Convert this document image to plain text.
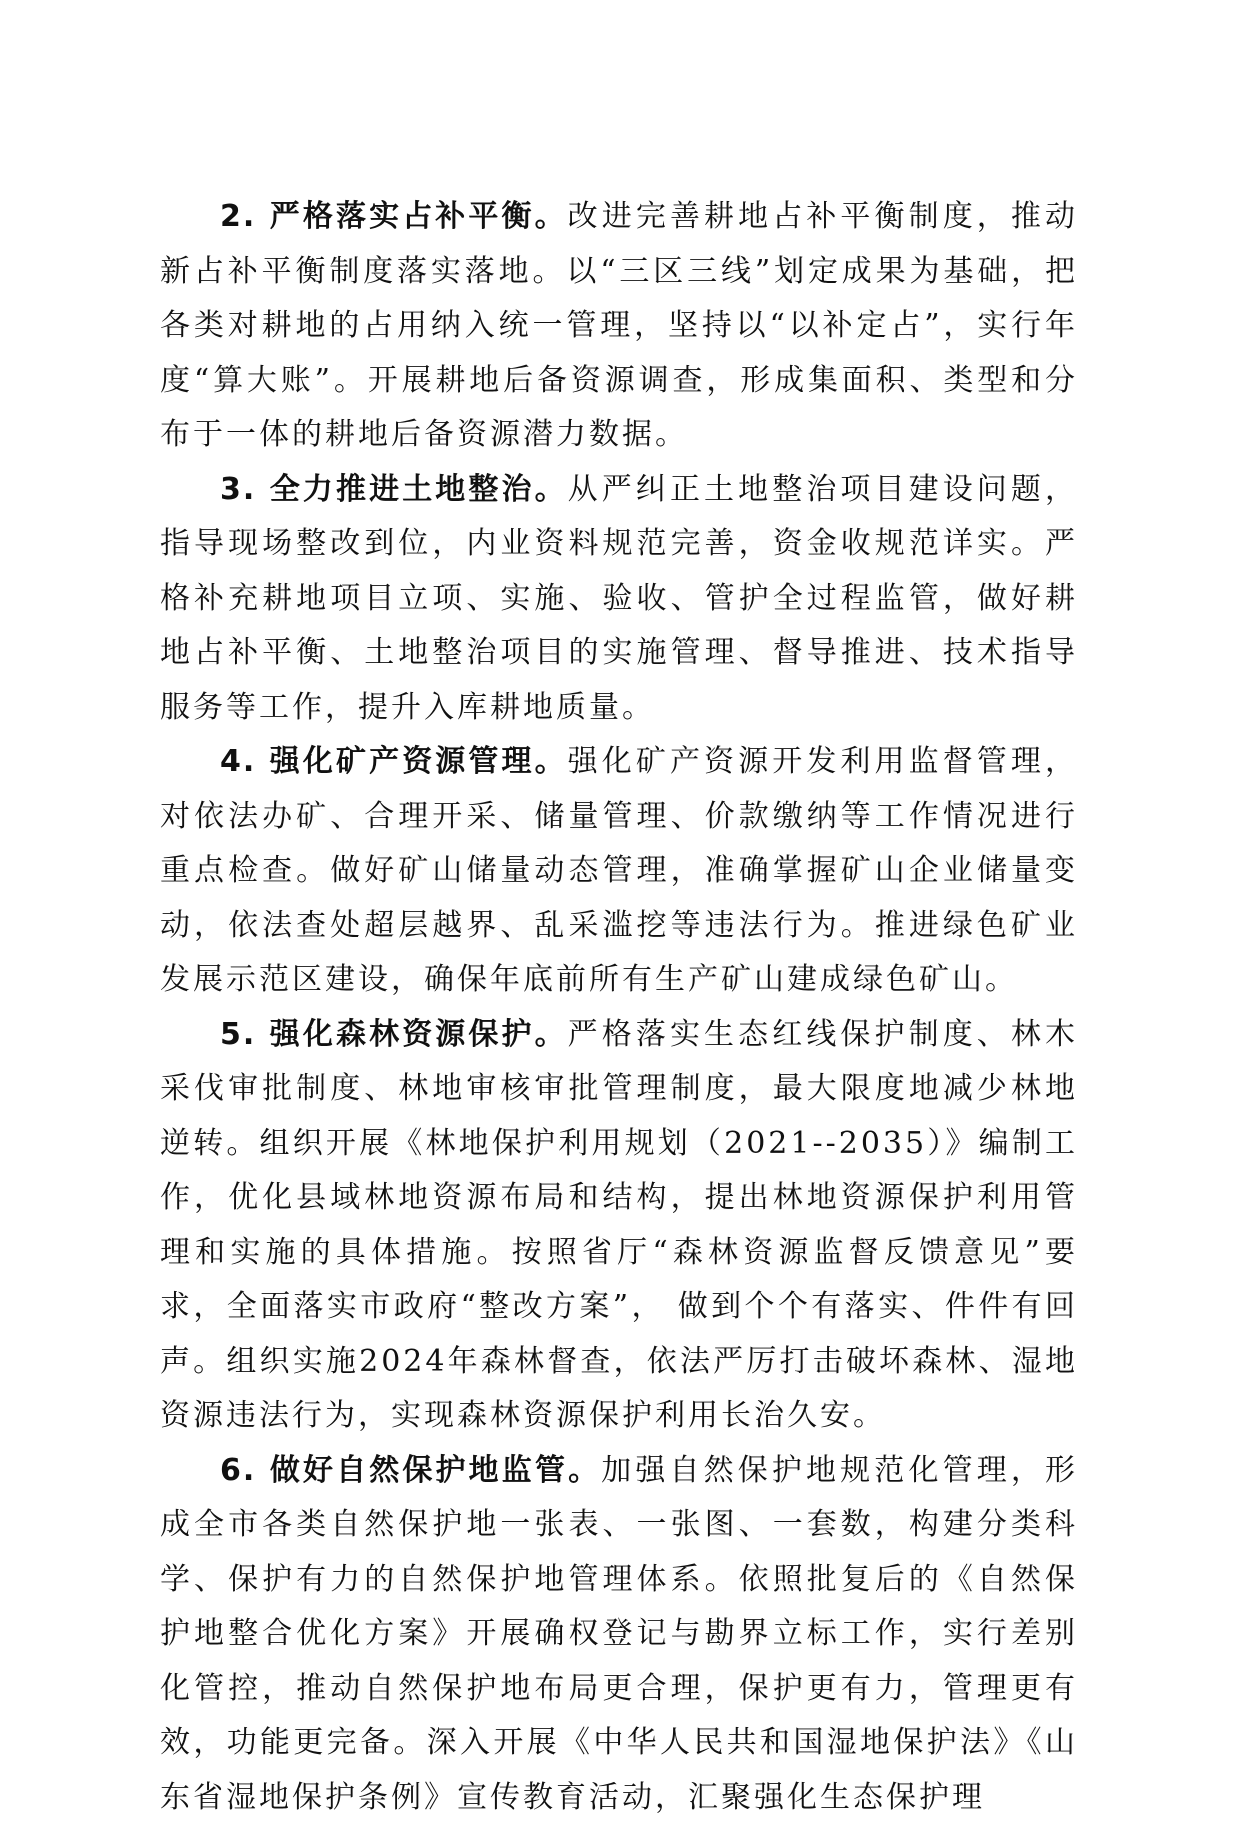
2. 严格落实占补平衡。改进完善耕地占补平衡制度，推动新占补平衡制度落实落地。以“三区三线”划定成果为基础，把各类对耕地的占用纳入统一管理，坚持以“以补定占”，实行年度“算大账”。开展耕地后备资源调查，形成集面积、类型和分布于一体的耕地后备资源潜力数据。

3. 全力推进土地整治。从严纠正土地整治项目建设问题，指导现场整改到位，内业资料规范完善，资金收规范详实。严格补充耕地项目立项、实施、验收、管护全过程监管，做好耕地占补平衡、土地整治项目的实施管理、督导推进、技术指导服务等工作，提升入库耕地质量。

4. 强化矿产资源管理。强化矿产资源开发利用监督管理，对依法办矿、合理开采、储量管理、价款缴纳等工作情况进行重点检查。做好矿山储量动态管理，准确掌握矿山企业储量变动，依法查处超层越界、乱采滥挖等违法行为。推进绿色矿业发展示范区建设，确保年底前所有生产矿山建成绿色矿山。

5. 强化森林资源保护。严格落实生态红线保护制度、林木采伐审批制度、林地审核审批管理制度，最大限度地减少林地逆转。组织开展《林地保护利用规划（2021--2035）》编制工作，优化县域林地资源布局和结构，提出林地资源保护利用管理和实施的具体措施。按照省厅“森林资源监督反馈意见”要求，全面落实市政府“整改方案”， 做到个个有落实、件件有回声。组织实施2024年森林督查，依法严厉打击破坏森林、湿地资源违法行为，实现森林资源保护利用长治久安。

6. 做好自然保护地监管。加强自然保护地规范化管理，形成全市各类自然保护地一张表、一张图、一套数，构建分类科学、保护有力的自然保护地管理体系。依照批复后的《自然保护地整合优化方案》开展确权登记与勘界立标工作，实行差别化管控，推动自然保护地布局更合理，保护更有力，管理更有效，功能更完备。深入开展《中华人民共和国湿地保护法》《山东省湿地保护条例》宣传教育活动，汇聚强化生态保护理
